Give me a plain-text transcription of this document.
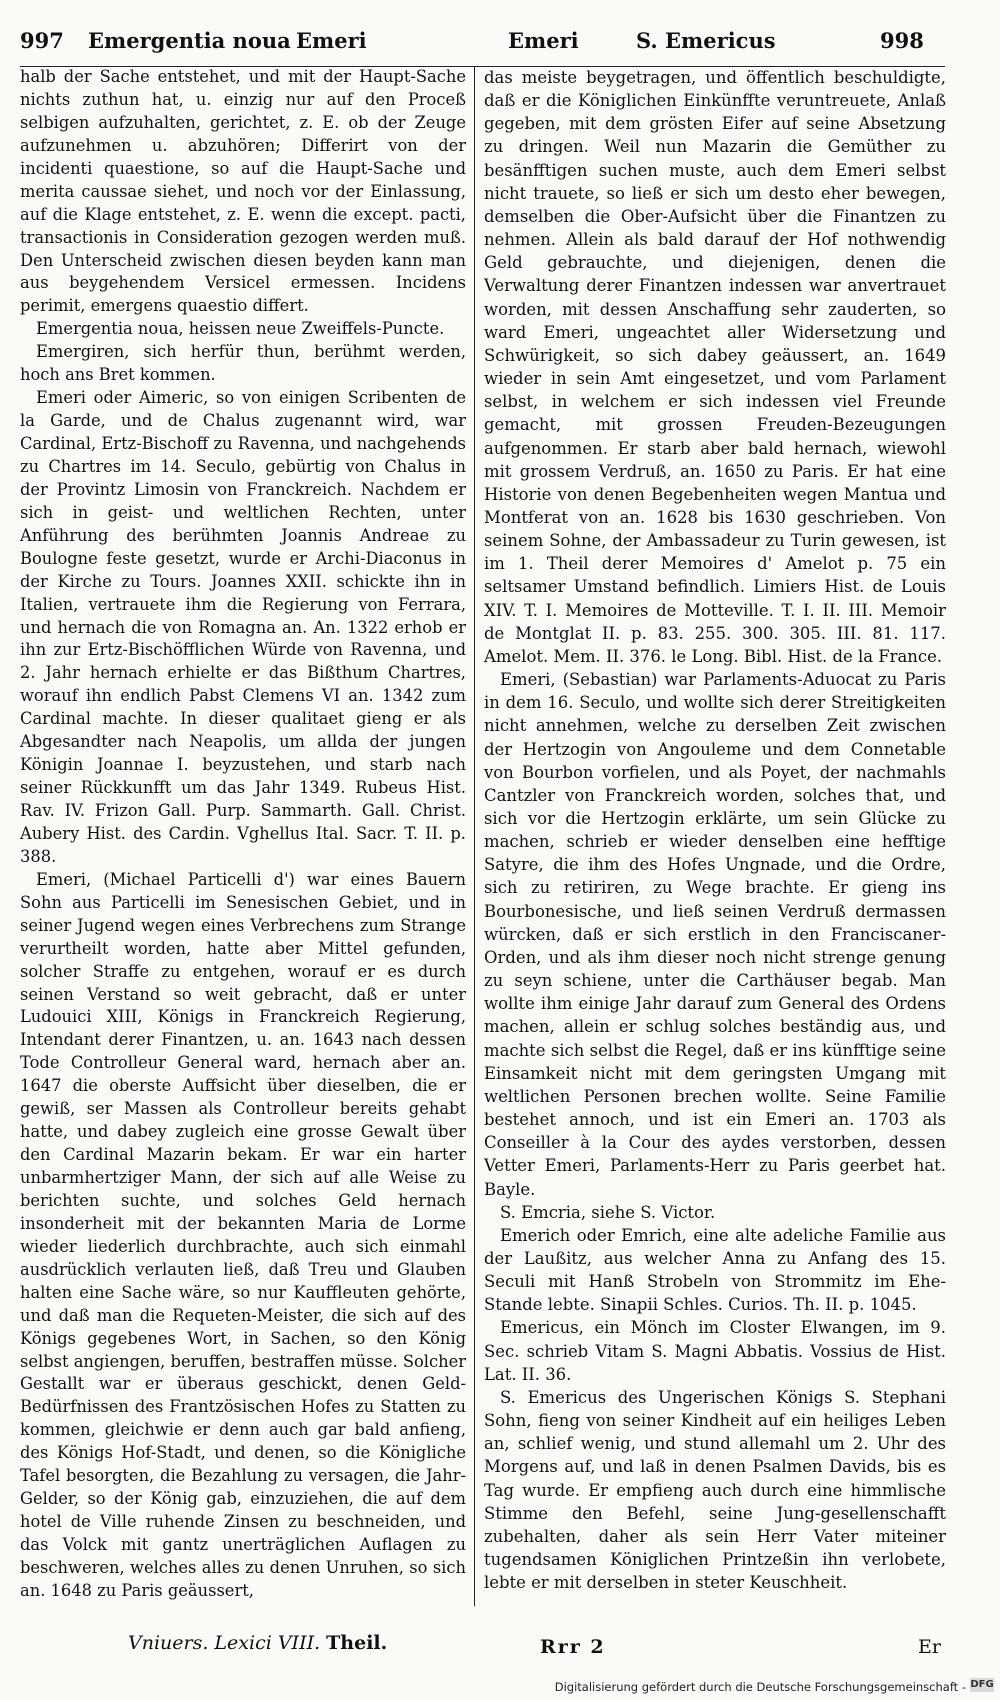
997 Emergentia noua Emeri	Emeri	S. Emericus	998

halb der Sache entstehet, und mit der Haupt-Sache nichts zuthun hat, u. einzig nur auf den Proceß selbigen aufzuhalten, gerichtet, z. E. ob der Zeuge aufzunehmen u. abzuhören; Differirt von der incidenti quaestione, so auf die Haupt-Sache und merita caussae siehet, und noch vor der Einlassung, auf die Klage entstehet, z. E. wenn die except. pacti, transactionis in Consideration gezogen werden muß. Den Unterscheid zwischen diesen beyden kann man aus beygehendem Versicel ermessen. Incidens perimit, emergens quaestio differt.

Emergentia noua, heissen neue Zweiffels-Puncte.

Emergiren, sich herfür thun, berühmt werden, hoch ans Bret kommen.

Emeri oder Aimeric, so von einigen Scribenten de la Garde, und de Chalus zugenannt wird, war Cardinal, Ertz-Bischoff zu Ravenna, und nachgehends zu Chartres im 14. Seculo, gebürtig von Chalus in der Provintz Limosin von Franckreich. Nachdem er sich in geist- und weltlichen Rechten, unter Anführung des berühmten Joannis Andreae zu Boulogne feste gesetzt, wurde er Archi-Diaconus in der Kirche zu Tours. Joannes XXII. schickte ihn in Italien, vertrauete ihm die Regierung von Ferrara, und hernach die von Romagna an. An. 1322 erhob er ihn zur Ertz-Bischöfflichen Würde von Ravenna, und 2. Jahr hernach erhielte er das Bißthum Chartres, worauf ihn endlich Pabst Clemens VI an. 1342 zum Cardinal machte. In dieser qualitaet gieng er als Abgesandter nach Neapolis, um allda der jungen Königin Joannae I. beyzustehen, und starb nach seiner Rückkunfft um das Jahr 1349. Rubeus Hist. Rav. IV. Frizon Gall. Purp. Sammarth. Gall. Christ. Aubery Hist. des Cardin. Vghellus Ital. Sacr. T. II. p. 388.

Emeri, (Michael Particelli d') war eines Bauern Sohn aus Particelli im Senesischen Gebiet, und in seiner Jugend wegen eines Verbrechens zum Strange verurtheilt worden, hatte aber Mittel gefunden, solcher Straffe zu entgehen, worauf er es durch seinen Verstand so weit gebracht, daß er unter Ludouici XIII, Königs in Franckreich Regierung, Intendant derer Finantzen, u. an. 1643 nach dessen Tode Controlleur General ward, hernach aber an. 1647 die oberste Auffsicht über dieselben, die er gewiß, ser Massen als Controlleur bereits gehabt hatte, und dabey zugleich eine grosse Gewalt über den Cardinal Mazarin bekam. Er war ein harter unbarmhertziger Mann, der sich auf alle Weise zu berichten suchte, und solches Geld hernach insonderheit mit der bekannten Maria de Lorme wieder liederlich durchbrachte, auch sich einmahl ausdrücklich verlauten ließ, daß Treu und Glauben halten eine Sache wäre, so nur Kauffleuten gehörte, und daß man die Requeten-Meister, die sich auf des Königs gegebenes Wort, in Sachen, so den König selbst angiengen, beruffen, bestraffen müsse. Solcher Gestallt war er überaus geschickt, denen Geld-Bedürfnissen des Frantzösischen Hofes zu Statten zu kommen, gleichwie er denn auch gar bald anfieng, des Königs Hof-Stadt, und denen, so die Königliche Tafel besorgten, die Bezahlung zu versagen, die Jahr-Gelder, so der König gab, einzuziehen, die auf dem hotel de Ville ruhende Zinsen zu beschneiden, und das Volck mit gantz unerträglichen Auflagen zu beschweren, welches alles zu denen Unruhen, so sich an. 1648 zu Paris geäussert,

das meiste beygetragen, und öffentlich beschuldigte, daß er die Königlichen Einkünffte veruntreuete, Anlaß gegeben, mit dem grösten Eifer auf seine Absetzung zu dringen. Weil nun Mazarin die Gemüther zu besänfftigen suchen muste, auch dem Emeri selbst nicht trauete, so ließ er sich um desto eher bewegen, demselben die Ober-Aufsicht über die Finantzen zu nehmen. Allein als bald darauf der Hof nothwendig Geld gebrauchte, und diejenigen, denen die Verwaltung derer Finantzen indessen war anvertrauet worden, mit dessen Anschaffung sehr zauderten, so ward Emeri, ungeachtet aller Widersetzung und Schwürigkeit, so sich dabey geäussert, an. 1649 wieder in sein Amt eingesetzet, und vom Parlament selbst, in welchem er sich indessen viel Freunde gemacht, mit grossen Freuden-Bezeugungen aufgenommen. Er starb aber bald hernach, wiewohl mit grossem Verdruß, an. 1650 zu Paris. Er hat eine Historie von denen Begebenheiten wegen Mantua und Montferat von an. 1628 bis 1630 geschrieben. Von seinem Sohne, der Ambassadeur zu Turin gewesen, ist im 1. Theil derer Memoires d' Amelot p. 75 ein seltsamer Umstand befindlich. Limiers Hist. de Louis XIV. T. I. Memoires de Motteville. T. I. II. III. Memoir de Montglat II. p. 83. 255. 300. 305. III. 81. 117. Amelot. Mem. II. 376. le Long. Bibl. Hist. de la France.

Emeri, (Sebastian) war Parlaments-Aduocat zu Paris in dem 16. Seculo, und wollte sich derer Streitigkeiten nicht annehmen, welche zu derselben Zeit zwischen der Hertzogin von Angouleme und dem Connetable von Bourbon vorfielen, und als Poyet, der nachmahls Cantzler von Franckreich worden, solches that, und sich vor die Hertzogin erklärte, um sein Glücke zu machen, schrieb er wieder denselben eine hefftige Satyre, die ihm des Hofes Ungnade, und die Ordre, sich zu retiriren, zu Wege brachte. Er gieng ins Bourbonesische, und ließ seinen Verdruß dermassen würcken, daß er sich erstlich in den Franciscaner-Orden, und als ihm dieser noch nicht strenge genung zu seyn schiene, unter die Carthäuser begab. Man wollte ihm einige Jahr darauf zum General des Ordens machen, allein er schlug solches beständig aus, und machte sich selbst die Regel, daß er ins künfftige seine Einsamkeit nicht mit dem geringsten Umgang mit weltlichen Personen brechen wollte. Seine Familie bestehet annoch, und ist ein Emeri an. 1703 als Conseiller à la Cour des aydes verstorben, dessen Vetter Emeri, Parlaments-Herr zu Paris geerbet hat. Bayle.

S. Emcria, siehe S. Victor.

Emerich oder Emrich, eine alte adeliche Familie aus der Laußitz, aus welcher Anna zu Anfang des 15. Seculi mit Hanß Strobeln von Strommitz im Ehe-Stande lebte. Sinapii Schles. Curios. Th. II. p. 1045.

Emericus, ein Mönch im Closter Elwangen, im 9. Sec. schrieb Vitam S. Magni Abbatis. Vossius de Hist. Lat. II. 36.

S. Emericus des Ungerischen Königs S. Stephani Sohn, fieng von seiner Kindheit auf ein heiliges Leben an, schlief wenig, und stund allemahl um 2. Uhr des Morgens auf, und laß in denen Psalmen Davids, bis es Tag wurde. Er empfieng auch durch eine himmlische Stimme den Befehl, seine Jung-gesellenschafft zubehalten, daher als sein Herr Vater miteiner tugendsamen Königlichen Printzeßin ihn verlobete, lebte er mit derselben in steter Keuschheit.

Vniuers. Lexici VIII. Theil.	Rrr 2	Er
Digitalisierung gefördert durch die Deutsche Forschungsgemeinschaft - DFG
